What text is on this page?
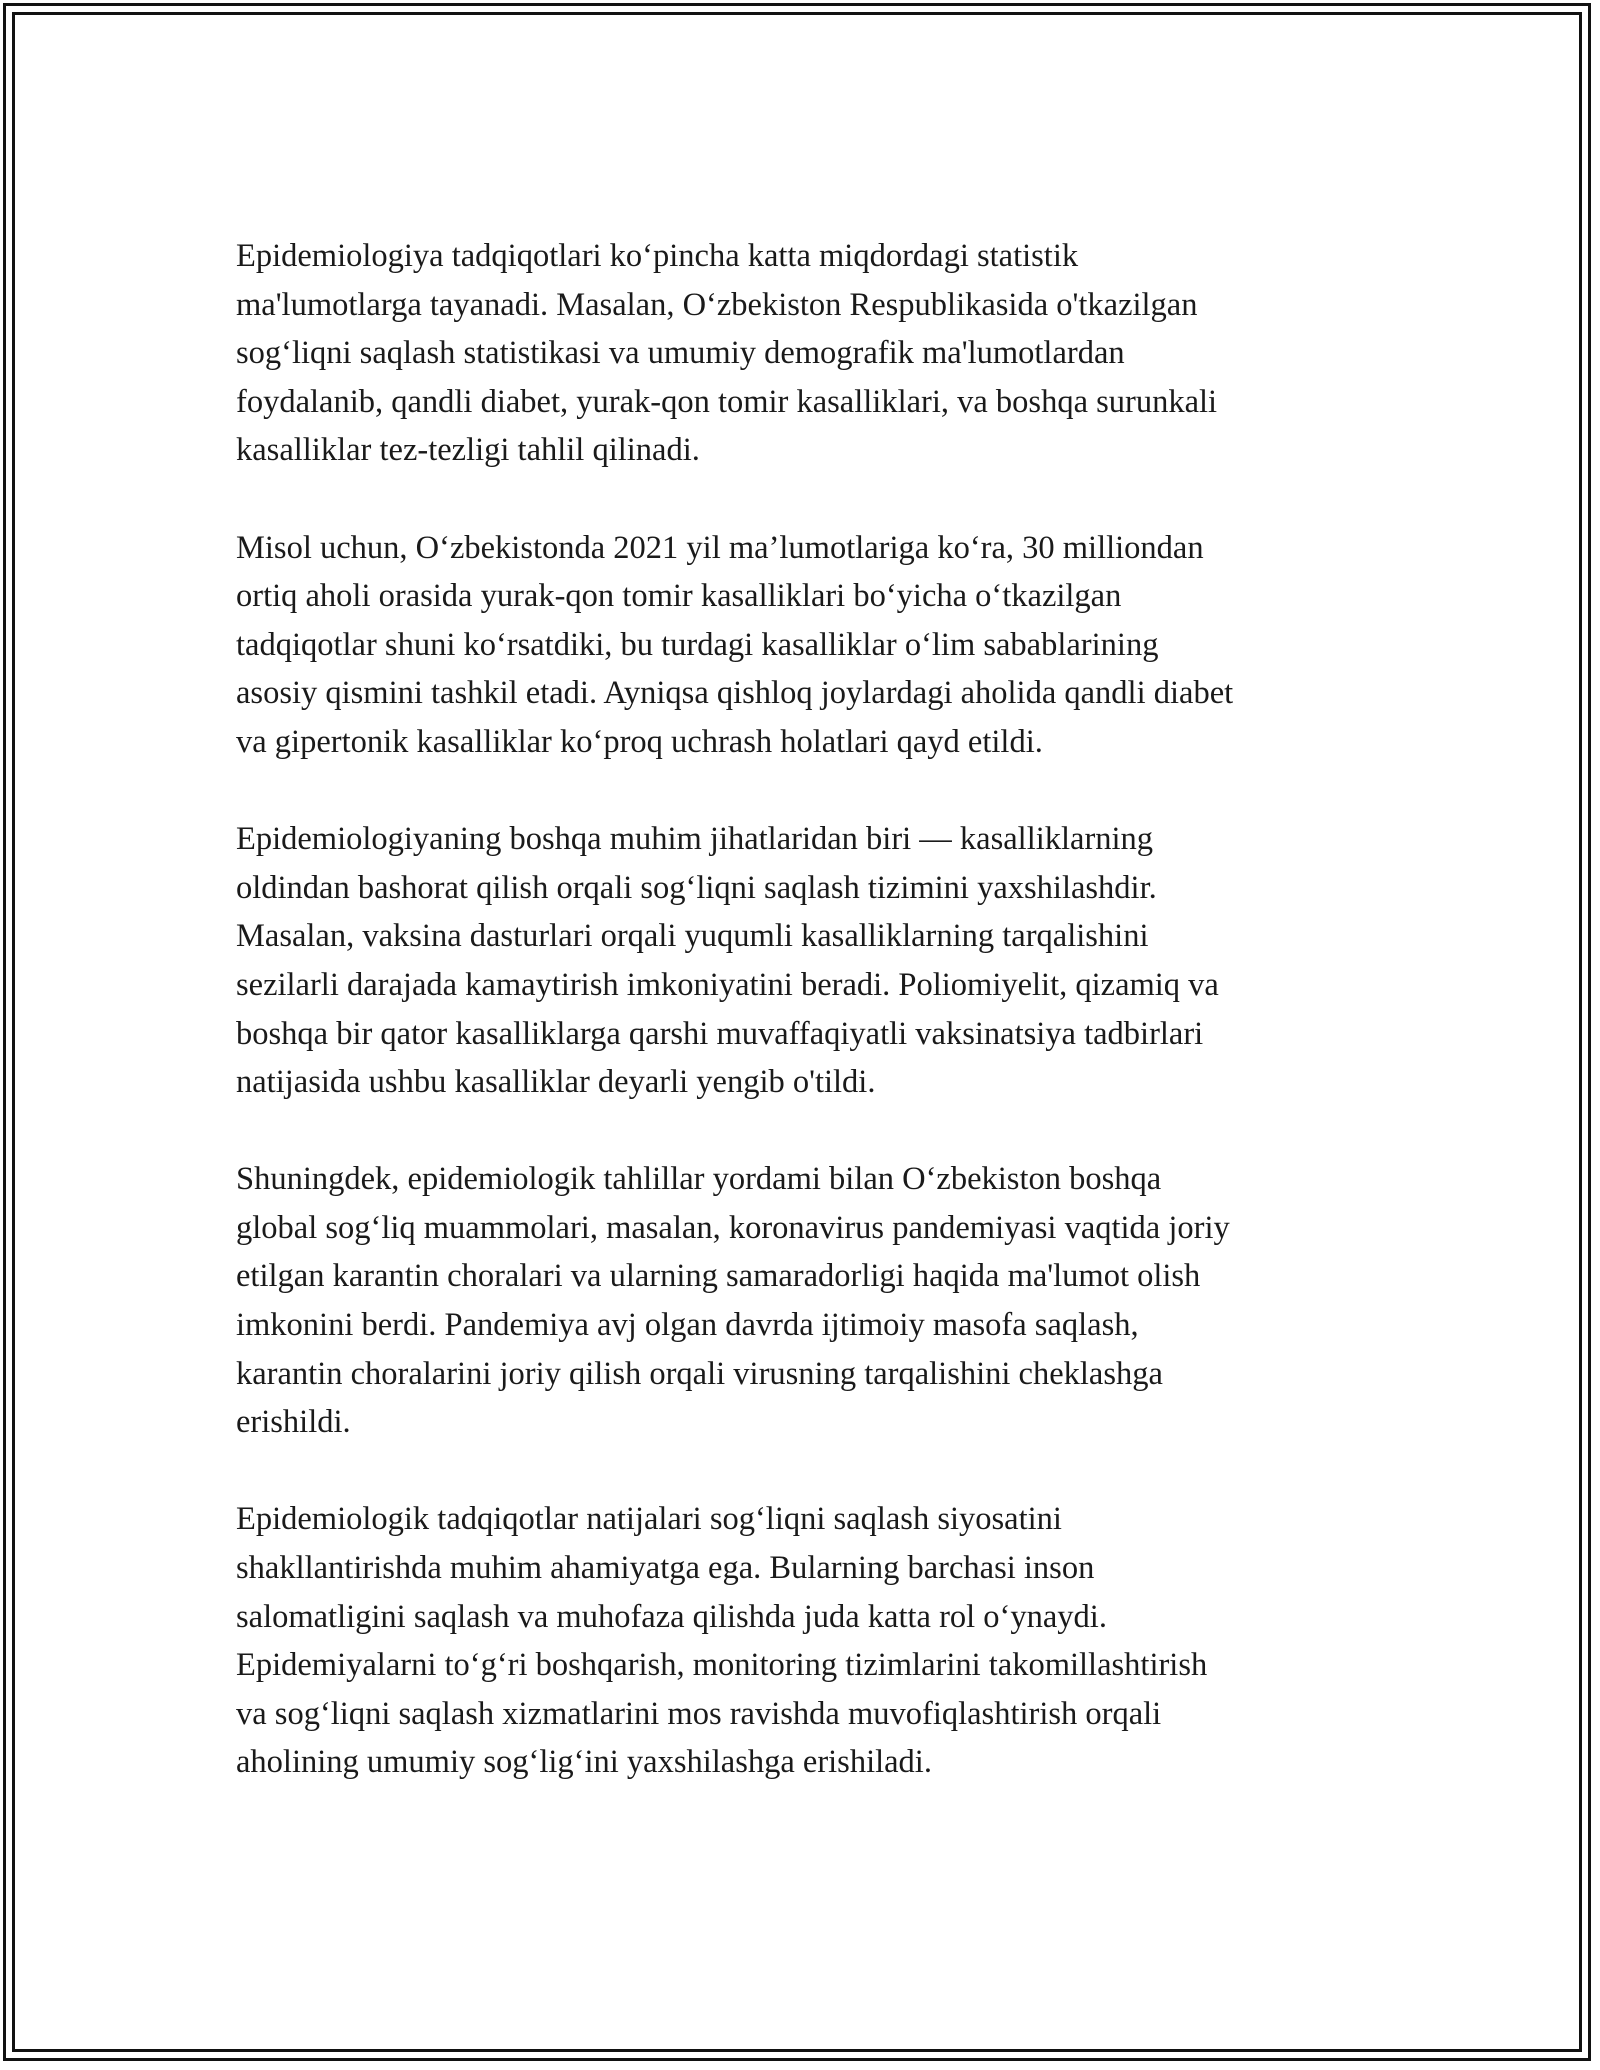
Epidemiologiya tadqiqotlari ko‘pincha katta miqdordagi statistik
ma'lumotlarga tayanadi. Masalan, O‘zbekiston Respublikasida o'tkazilgan
sog‘liqni saqlash statistikasi va umumiy demografik ma'lumotlardan
foydalanib, qandli diabet, yurak-qon tomir kasalliklari, va boshqa surunkali
kasalliklar tez-tezligi tahlil qilinadi.

Misol uchun, O‘zbekistonda 2021 yil ma’lumotlariga ko‘ra, 30 milliondan
ortiq aholi orasida yurak-qon tomir kasalliklari bo‘yicha o‘tkazilgan
tadqiqotlar shuni ko‘rsatdiki, bu turdagi kasalliklar o‘lim sabablarining
asosiy qismini tashkil etadi. Ayniqsa qishloq joylardagi aholida qandli diabet
va gipertonik kasalliklar ko‘proq uchrash holatlari qayd etildi.

Epidemiologiyaning boshqa muhim jihatlaridan biri — kasalliklarning
oldindan bashorat qilish orqali sog‘liqni saqlash tizimini yaxshilashdir.
Masalan, vaksina dasturlari orqali yuqumli kasalliklarning tarqalishini
sezilarli darajada kamaytirish imkoniyatini beradi. Poliomiyelit, qizamiq va
boshqa bir qator kasalliklarga qarshi muvaffaqiyatli vaksinatsiya tadbirlari
natijasida ushbu kasalliklar deyarli yengib o'tildi.

Shuningdek, epidemiologik tahlillar yordami bilan O‘zbekiston boshqa
global sog‘liq muammolari, masalan, koronavirus pandemiyasi vaqtida joriy
etilgan karantin choralari va ularning samaradorligi haqida ma'lumot olish
imkonini berdi. Pandemiya avj olgan davrda ijtimoiy masofa saqlash,
karantin choralarini joriy qilish orqali virusning tarqalishini cheklashga
erishildi.

Epidemiologik tadqiqotlar natijalari sog‘liqni saqlash siyosatini
shakllantirishda muhim ahamiyatga ega. Bularning barchasi inson
salomatligini saqlash va muhofaza qilishda juda katta rol o‘ynaydi.
Epidemiyalarni to‘g‘ri boshqarish, monitoring tizimlarini takomillashtirish
va sog‘liqni saqlash xizmatlarini mos ravishda muvofiqlashtirish orqali
aholining umumiy sog‘lig‘ini yaxshilashga erishiladi.
